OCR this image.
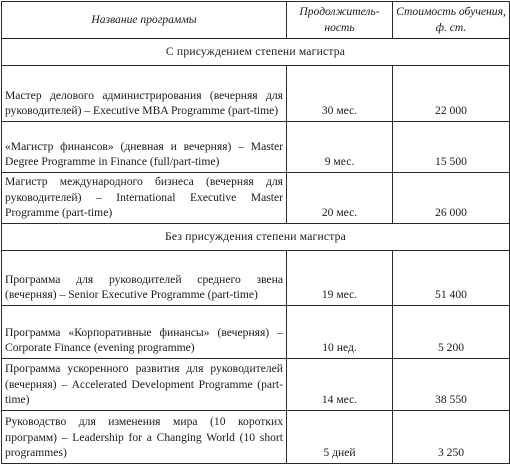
Название программы	Продолжитель-ность	Стоимость обучения, ф. ст.
С присуждением степени магистра		
Мастер делового администрирования (вечерняя для руководителей) – Executive MBA Programme (part-time)	30 мес.	22 000
«Магистр финансов» (дневная и вечерняя) – Master Degree Programme in Finance (full/part-time)	9 мес.	15 500
Магистр международного бизнеса (вечерняя для руководителей) – International Executive Master Programme (part-time)	20 мес.	26 000
Без присуждения степени магистра		
Программа для руководителей среднего звена (вечерняя) – Senior Executive Programme (part-time)	19 мес.	51 400
Программа «Корпоративные финансы» (вечерняя) – Corporate Finance (evening programme)	10 нед.	5 200
Программа ускоренного развития для руководителей (вечерняя) – Accelerated Development Programme (part-time)	14 мес.	38 550
Руководство для изменения мира (10 коротких программ) – Leadership for a Changing World (10 short programmes)	5 дней	3 250
